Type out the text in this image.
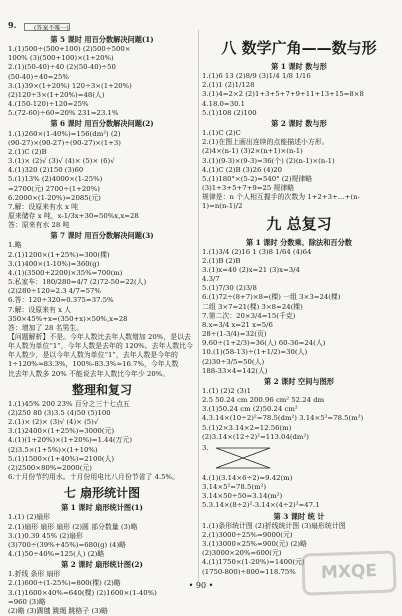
9.	(答案不唯一)
第 5 课时 用百分数解决问题(1)
1.(1)500÷(500+100) (2)500÷500×
100% (3)(500+100)×(1+20%)
2.(1)(50-40)÷40 (2)(50-40)÷50
(50-40)÷40=25%
3.(1)39×(1+20%) 120÷3×(1+20%)
(2)120÷3×(1+20%)=48(人)
4.(150-120)÷120=25%
5.(72-60)÷60=20% 231=23.1%
第 6 课时 用百分数解决问题(2)
1.(1)260×(1-40%)=156(dm²) (2)
(90-27)×(90-27)÷(90-27)×(1+3)
2.(1)C (2)B
3.(1)× (2)√ (3)√ (4)× (5)× (6)√
4.(1)320 (2)150 (3)60
5.(1)13% (2)4000×(1-25%)
=2700(元) 2700÷(1+20%)
6.2000×(1-20%)=2085(元)
7.解：设原来有水 x 吨
原来储存 x 吨，x-1/3x+30=50%x,x=28
答：原来有水 28 吨
第 7 课时 用百分数解决问题(3)
1.略
2.(1)1200×(1+25%)=300(棵)
3.(1)400×(1-10%)=360(g)
4.(1)(3500+2200)×35%=700(m)
5.私家车：180/280=4/7 (2)72-50=22(人)
(2)280÷120≈2.3 4/7=57%
6.答：120÷320=0.375=37.5%
7.解：设原来有 x 人
350×45%+x=(350+x)×50%,x=28
答：增加了 28 名男生。
【问题解析】不是。今年人数比去年人数增加 20%，是以去
年人数为单位“1”，今年人数是去年的 120%。去年人数比今
年人数少，是以今年人数为单位“1”，去年人数是今年的
1÷120%≈83.3%，100%-83.3%≈16.7%，今年人数
比去年人数多 20% 不能说去年人数比今年少 20%。
整理和复习
1.(1)45% 200 23% 百分之三十七点五
(2)250 80 (3)3.5 (4)50 (5)100
2.(1)× (2)× (3)√ (4)× (5)√
3.(1)2400×(1+25%)=3000(元)
4.(1)(1+20%)×(1+20%)=1.44(万元)
(2)3.5×(1+5%)×(1+10%)
5.(1)1500×(1+40%)=2100(人)
(2)2500×80%=2000(元)
6.十月份节约用水。十月份用电比八月份节省了 4.5%。
七 扇形统计图
第 1 课时 扇形统计图(1)
1.(1) (2)扇形
2.(1)扇形 扇形 扇形 (2)圆 部分数量 (3)略
3.(1)0.39 45% (2)扇形
(3)700÷(39%+45%)=680(g) (4)略
4.(1)50÷40%=125(人) (2)略
第 2 课时 扇形统计图(2)
1.折线 条形 扇形
2.(1)600÷(1-25%)=800(棵) (2)略
3.(1)1600×40%=640(棵) (2)1600×(1-40%)
=960 (3)略
(2)略 (3)踢毽 跳绳 跳格子 (3)略
八 数学广角——数与形
第 1 课时 数与形
1.(1)6 13 (2)8/9 (3)1/4 1/8 1/16
2.(1)1 (2)1/128
3.(1)4=2×2 (2)1+3+5+7+9+11+13+15=8×8
4.18.0=30.1
5.(1)108 (2)100
第 2 课时 数与形
1.(1)C (2)C
2.(1)在图上画出连续的点能描述小方形。
(2)4×(n-1) (3)2×(n+1)×(n-1)
3.(1)(9-3)×(9-3)=36(个) (2)(n-1)×(n-1)
4.(1)C (2)B (3)26 (4)20
5.(1)180°×(5-2)=540° (2)规律略
(3)1+3+5+7+9=25 规律略
规律是：n 个人相互握手的次数为 1+2+3+…+(n-
1)=n(n-1)/2
九 总复习
第 1 课时 分数乘、除法和百分数
1.(1)3/4 (2)16 1 (3)8 1/64 (4)64
2.(1)B (2)B
3.(1)x=40 (2)x=21 (3)x=3/4
4.3/7
5.(1)7/30 (2)3/8
6.(1)72÷(8+7)×8=(棵) 一组 3×3=24(棵)
二组 3×7=21(棵) 3×8=24(棵)
7.第二次：20×3/4=15(千克)
8.x=3/4 x=21 x=5/6
28÷(1-3/4)=32(页)
9.60÷(1+2/3)=36(人) 60-36=24(人)
10.(1)(58-13)÷(1+1/2)=30(人)
(2)30÷3/5=50(人)
188-33×4=142(人)
第 2 课时 空间与图形
1.(1) (2)2 (3)1
2.5 50.24 cm 200.96 cm² 52.24 dm
3.(1)50.24 cm (2)50.24 cm²
4.3.14×(10÷2)²=78.5(dm²) 3.14×5²=78.5(m²)
5.(1)2×3.14×2=12.56(m)
(2)3.14×(12÷2)²=113.04(dm²)
3.
4.(1)(3.14×6÷2)=9.42(m)
3.14×5²=78.5(m²)
3.14×50÷50=3.14(m²)
5.3.14×(8÷2)²-3.14×(4÷2)²=47.1
第 3 课时 统 计
1.(1)条形统计图 (2)折线统计图 (3)扇形统计图
2.(1)3000÷25%=9000(元)
3.(1)3000×25%=900(元) (2)略
(2)3000×20%=600(元)
4.(1)1750×(1-20%)=1400(元)
(1750-800)÷800=118.75%
• 90 •
MXQE
